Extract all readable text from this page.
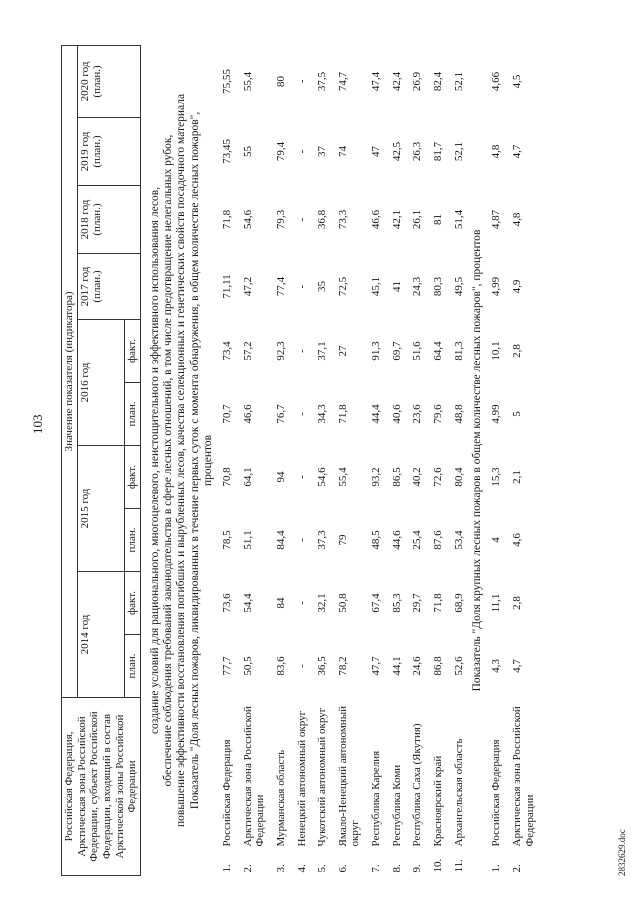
103
2832629.doc
Российская Федерация, Арктическая зона Российской Федерации, субъект Российской Федерации, входящий в состав Арктической зоны Российской Федерации		Значение показателя (индикатора)									
		2014 год		2015 год		2016 год		2017 год (план.)	2018 год (план.)	2019 год (план.)	2020 год (план.)
		план.	факт.	план.	факт.	план.	факт.				

создание условий для рационального, многоцелевого, неистощительного и эффективного использования лесов, обеспечение соблюдения требований законодательства в сфере лесных отношений, в том числе предотвращение нелегальных рубок, повышение эффективности восстановления погибших и вырубленных лесов, качества селекционных и генетических свойств посадочного материала Показатель "Доля лесных пожаров, ликвидированных в течение первых суток с момента обнаружения, в общем количестве лесных пожаров", процентов											

1.	Российская Федерация	77,7	73,6	78,5	70,8	70,7	73,4	71,11	71,8	73,45	75,55
2.	Арктическая зона Российской Федерации	50,5	54,4	51,1	64,1	46,6	57,2	47,2	54,6	55	55,4
3.	Мурманская область	83,6	84	84,4	94	76,7	92,3	77,4	79,3	79,4	80
4.	Ненецкий автономный округ	-	-	-	-	-	-	-	-	-	-
5.	Чукотский автономный округ	36,5	32,1	37,3	54,6	34,3	37,1	35	36,8	37	37,5
6.	Ямало-Ненецкий автономный округ	78,2	50,8	79	55,4	71,8	27	72,5	73,3	74	74,7
7.	Республика Карелия	47,7	67,4	48,5	93,2	44,4	91,3	45,1	46,6	47	47,4
8.	Республика Коми	44,1	85,3	44,6	86,5	40,6	69,7	41	42,1	42,5	42,4
9.	Республика Саха (Якутия)	24,6	29,7	25,4	40,2	23,6	51,6	24,3	26,1	26,3	26,9
10.	Красноярский край	86,8	71,8	87,6	72,6	79,6	64,4	80,3	81	81,7	82,4
11.	Архангельская область	52,6	68,9	53,4	80,4	48,8	81,3	49,5	51,4	52,1	52,1
Показатель "Доля крупных лесных пожаров в общем количестве лесных пожаров", процентов											
1.	Российская Федерация	4,3	11,1	4	15,3	4,99	10,1	4,99	4,87	4,8	4,66
2.	Арктическая зона Российской Федерации	4,7	2,8	4,6	2,1	5	2,8	4,9	4,8	4,7	4,5
